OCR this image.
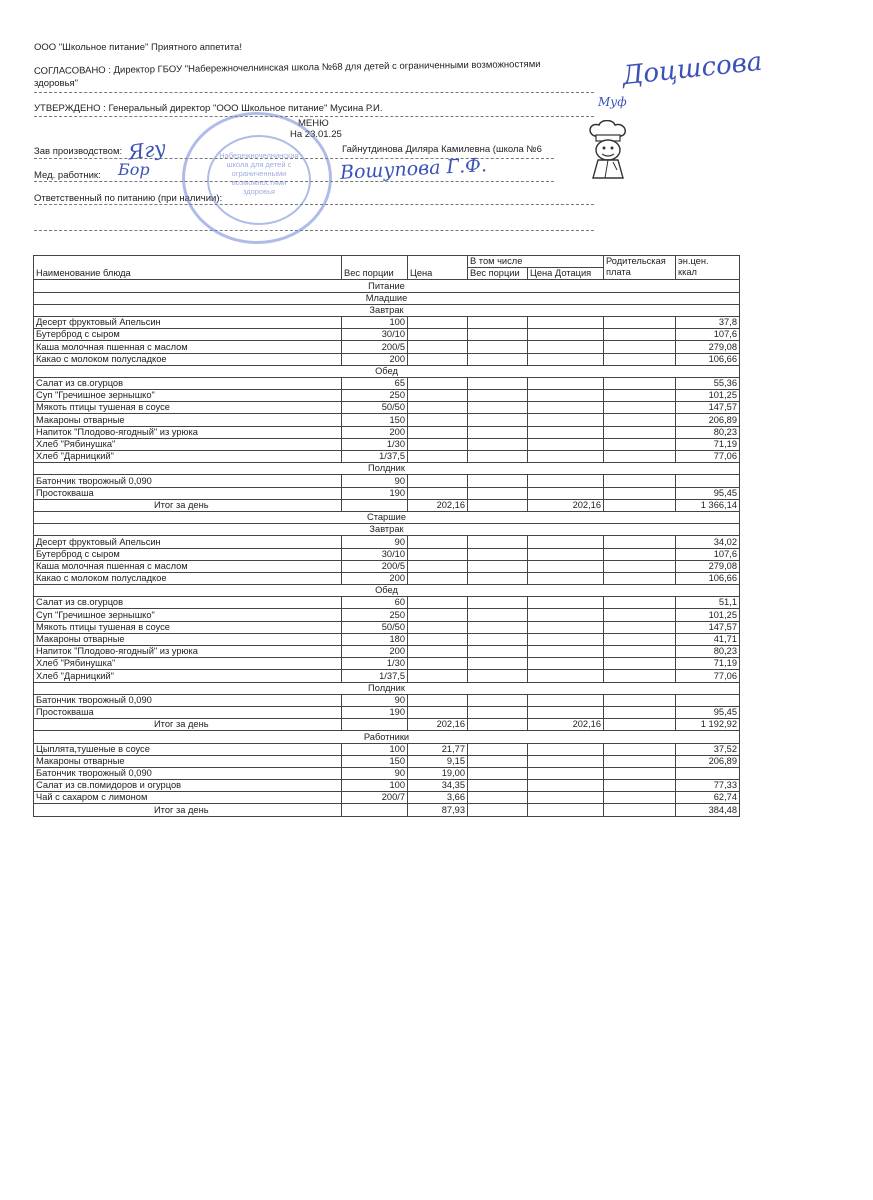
ООО "Школьное питание" Приятного аппетита!
СОГЛАСОВАНО : Директор ГБОУ "Набережночелнинская школа №68 для детей с ограниченными возможностями
здоровья"
УТВЕРЖДЕНО : Генеральный директор "ООО Школьное питание" Мусина Р.И.
МЕНЮ
На 23.01.25
Зав производством:	Гайнутдинова Диляра Камилевна (школа №6
Мед. работник:
Ответственный по питанию (при наличии):
Набережночелнинская школа для детей с ограниченными возможностями здоровья
Доцшсова
Муф
Ягу
Бор	Вошупова Г.Ф.
Наименование блюда	Вес порции	Цена	В том числе		Родительская
плата	эн.цен.
ккал
			Вес порции	Цена Дотация		
Питание						
Младшие						
Завтрак						
Десерт фруктовый Апельсин	100					37,8
Бутерброд с сыром	30/10					107,6
Каша молочная пшенная с маслом	200/5					279,08
Какао с молоком полусладкое	200					106,66
Обед						
Салат из св.огурцов	65					55,36
Суп "Гречишное зернышко"	250					101,25
Мякоть птицы тушеная в соусе	50/50					147,57
Макароны отварные	150					206,89
Напиток "Плодово-ягодный" из урюка	200					80,23
Хлеб "Рябинушка"	1/30					71,19
Хлеб "Дарницкий"	1/37,5					77,06
Полдник						
Батончик творожный 0,090	90					
Простокваша	190					95,45
Итог за день		202,16		202,16		1 366,14
Старшие						
Завтрак						
Десерт фруктовый Апельсин	90					34,02
Бутерброд с сыром	30/10					107,6
Каша молочная пшенная с маслом	200/5					279,08
Какао с молоком полусладкое	200					106,66
Обед						
Салат из св.огурцов	60					51,1
Суп "Гречишное зернышко"	250					101,25
Мякоть птицы тушеная в соусе	50/50					147,57
Макароны отварные	180					41,71
Напиток "Плодово-ягодный" из урюка	200					80,23
Хлеб "Рябинушка"	1/30					71,19
Хлеб "Дарницкий"	1/37,5					77,06
Полдник						
Батончик творожный 0,090	90					
Простокваша	190					95,45
Итог за день		202,16		202,16		1 192,92
Работники						
Цыплята,тушеные в соусе	100	21,77				37,52
Макароны отварные	150	9,15				206,89
Батончик творожный 0,090	90	19,00				
Салат из св.помидоров и огурцов	100	34,35				77,33
Чай с сахаром с лимоном	200/7	3,66				62,74
Итог за день		87,93				384,48
